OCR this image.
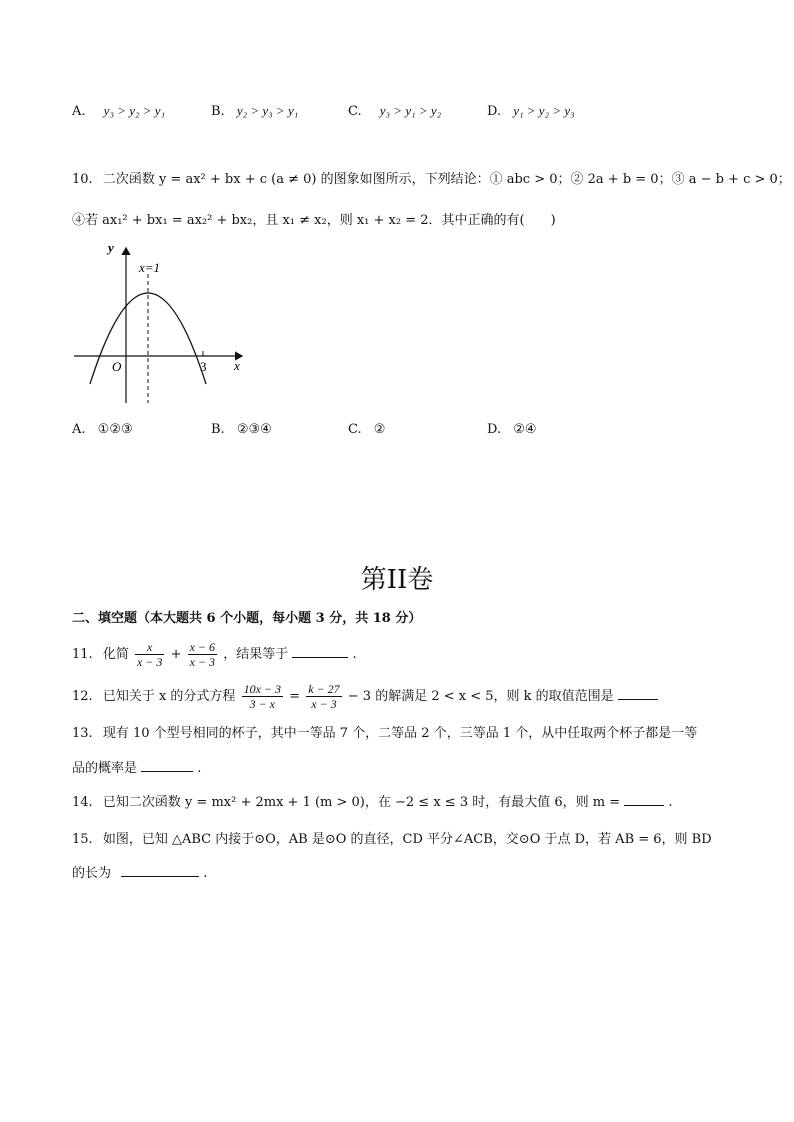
A. y₃ > y₂ > y₁	B. y₂ > y₃ > y₁	C. y₃ > y₁ > y₂	D. y₁ > y₂ > y₃
10. 二次函数 y = ax² + bx + c (a ≠ 0) 的图象如图所示，下列结论：① abc > 0；② 2a + b = 0；③ a − b + c > 0；
④若 ax₁² + bx₁ = ax₂² + bx₂，且 x₁ ≠ x₂，则 x₁ + x₂ = 2．其中正确的有(　　)
y
x
O	3
x=1
A. ①②③	B. ②③④	C. ②	D. ②④
第II卷
二、填空题（本大题共 6 个小题，每小题 3 分，共 18 分）
11. 化简 $\frac{x}{x - 3} + \frac{x - 6}{x - 3}$ ，结果等于	.
12. 已知关于 x 的分式方程 $\frac{10x - 3}{3 - x} = \frac{k - 27}{x - 3} - 3$ 的解满足 2 < x < 5，则 k 的取值范围是
13. 现有 10 个型号相同的杯子，其中一等品 7 个，二等品 2 个，三等品 1 个，从中任取两个杯子都是一等
品的概率是	.
14. 已知二次函数 y = mx² + 2mx + 1 (m > 0)，在 −2 ≤ x ≤ 3 时，有最大值 6，则 m =	.
15. 如图，已知 △ABC 内接于⊙O，AB 是⊙O 的直径，CD 平分∠ACB，交⊙O 于点 D，若 AB = 6，则 BD
的长为	.
